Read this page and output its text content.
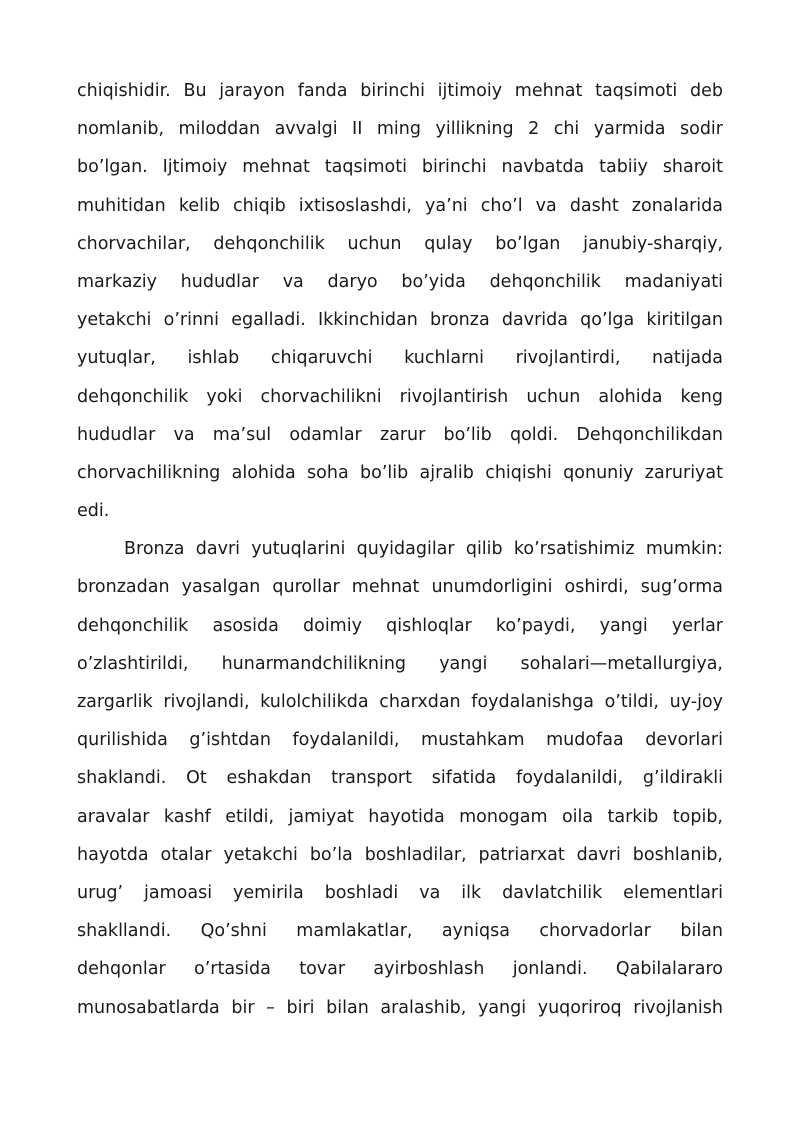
chiqishidir. Bu jarayon fanda birinchi ijtimoiy mehnat taqsimoti deb
nomlanib, miloddan avvalgi II ming yillikning 2 chi yarmida sodir
bo’lgan. Ijtimoiy mehnat taqsimoti birinchi navbatda tabiiy sharoit
muhitidan kelib chiqib ixtisoslashdi, ya’ni cho’l va dasht zonalarida
chorvachilar, dehqonchilik uchun qulay bo’lgan janubiy-sharqiy,
markaziy hududlar va daryo bo’yida dehqonchilik madaniyati
yetakchi o’rinni egalladi. Ikkinchidan bronza davrida qo’lga kiritilgan
yutuqlar, ishlab chiqaruvchi kuchlarni rivojlantirdi, natijada
dehqonchilik yoki chorvachilikni rivojlantirish uchun alohida keng
hududlar va ma’sul odamlar zarur bo’lib qoldi. Dehqonchilikdan
chorvachilikning alohida soha bo’lib ajralib chiqishi qonuniy zaruriyat
edi.
Bronza davri yutuqlarini quyidagilar qilib ko’rsatishimiz mumkin:
bronzadan yasalgan qurollar mehnat unumdorligini oshirdi, sug’orma
dehqonchilik asosida doimiy qishloqlar ko’paydi, yangi yerlar
o’zlashtirildi, hunarmandchilikning yangi sohalari—metallurgiya,
zargarlik rivojlandi, kulolchilikda charxdan foydalanishga o’tildi, uy-joy
qurilishida g’ishtdan foydalanildi, mustahkam mudofaa devorlari
shaklandi. Ot eshakdan transport sifatida foydalanildi, g’ildirakli
aravalar kashf etildi, jamiyat hayotida monogam oila tarkib topib,
hayotda otalar yetakchi bo’la boshladilar, patriarxat davri boshlanib,
urug’ jamoasi yemirila boshladi va ilk davlatchilik elementlari
shakllandi. Qo’shni mamlakatlar, ayniqsa chorvadorlar bilan
dehqonlar o’rtasida tovar ayirboshlash jonlandi. Qabilalararo
munosabatlarda bir – biri bilan aralashib, yangi yuqoriroq rivojlanish
